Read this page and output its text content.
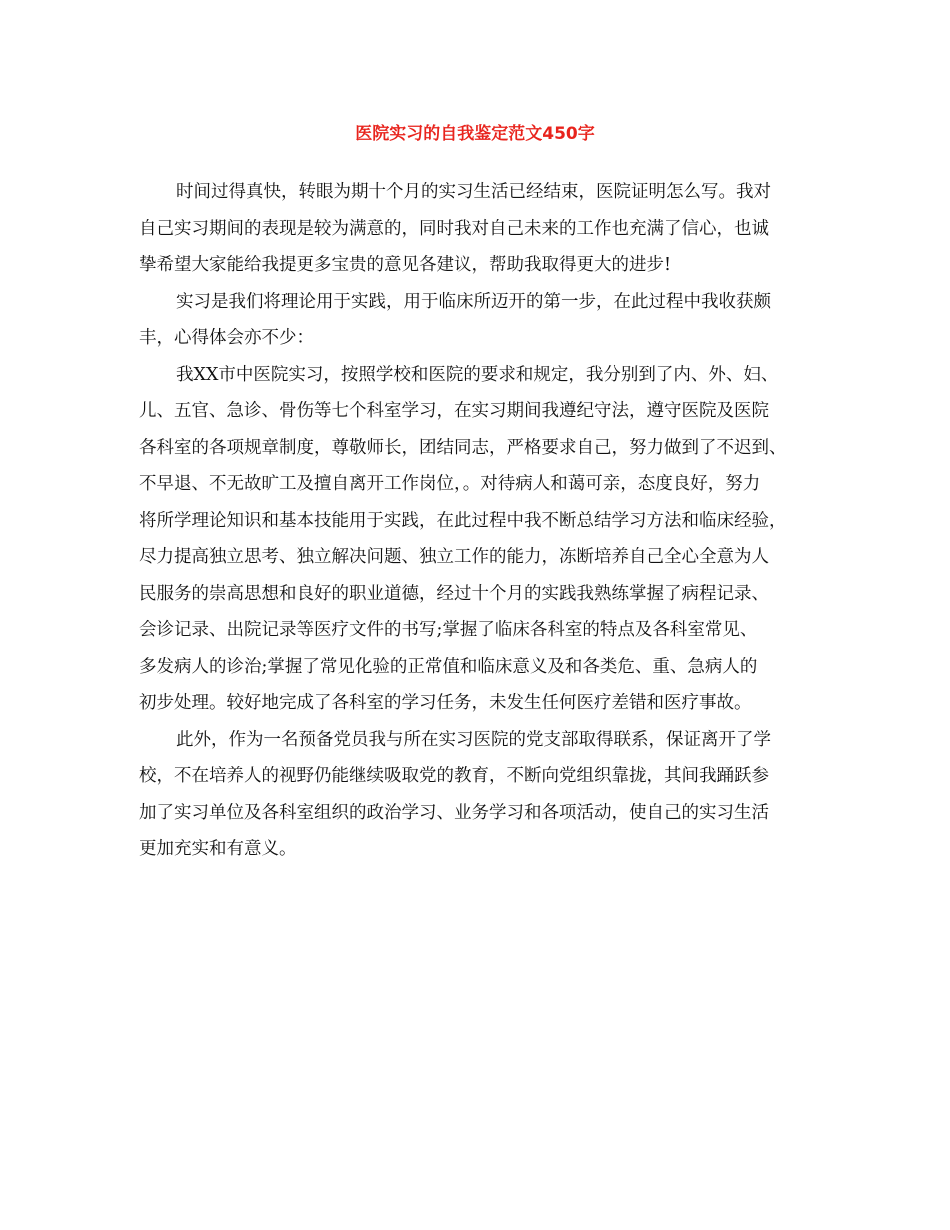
医院实习的自我鉴定范文450字
时间过得真快，转眼为期十个月的实习生活已经结束，医院证明怎么写。我对
自己实习期间的表现是较为满意的，同时我对自己未来的工作也充满了信心，也诚
挚希望大家能给我提更多宝贵的意见各建议，帮助我取得更大的进步!
实习是我们将理论用于实践，用于临床所迈开的第一步，在此过程中我收获颇
丰，心得体会亦不少：
我XX市中医院实习，按照学校和医院的要求和规定，我分别到了内、外、妇、
儿、五官、急诊、骨伤等七个科室学习，在实习期间我遵纪守法，遵守医院及医院
各科室的各项规章制度，尊敬师长，团结同志，严格要求自己，努力做到了不迟到、
不早退、不无故旷工及擅自离开工作岗位，。对待病人和蔼可亲，态度良好，努力
将所学理论知识和基本技能用于实践，在此过程中我不断总结学习方法和临床经验，
尽力提高独立思考、独立解决问题、独立工作的能力，冻断培养自己全心全意为人
民服务的崇高思想和良好的职业道德，经过十个月的实践我熟练掌握了病程记录、
会诊记录、出院记录等医疗文件的书写;掌握了临床各科室的特点及各科室常见、
多发病人的诊治;掌握了常见化验的正常值和临床意义及和各类危、重、急病人的
初步处理。较好地完成了各科室的学习任务，未发生任何医疗差错和医疗事故。
此外，作为一名预备党员我与所在实习医院的党支部取得联系，保证离开了学
校，不在培养人的视野仍能继续吸取党的教育，不断向党组织靠拢，其间我踊跃参
加了实习单位及各科室组织的政治学习、业务学习和各项活动，使自己的实习生活
更加充实和有意义。
